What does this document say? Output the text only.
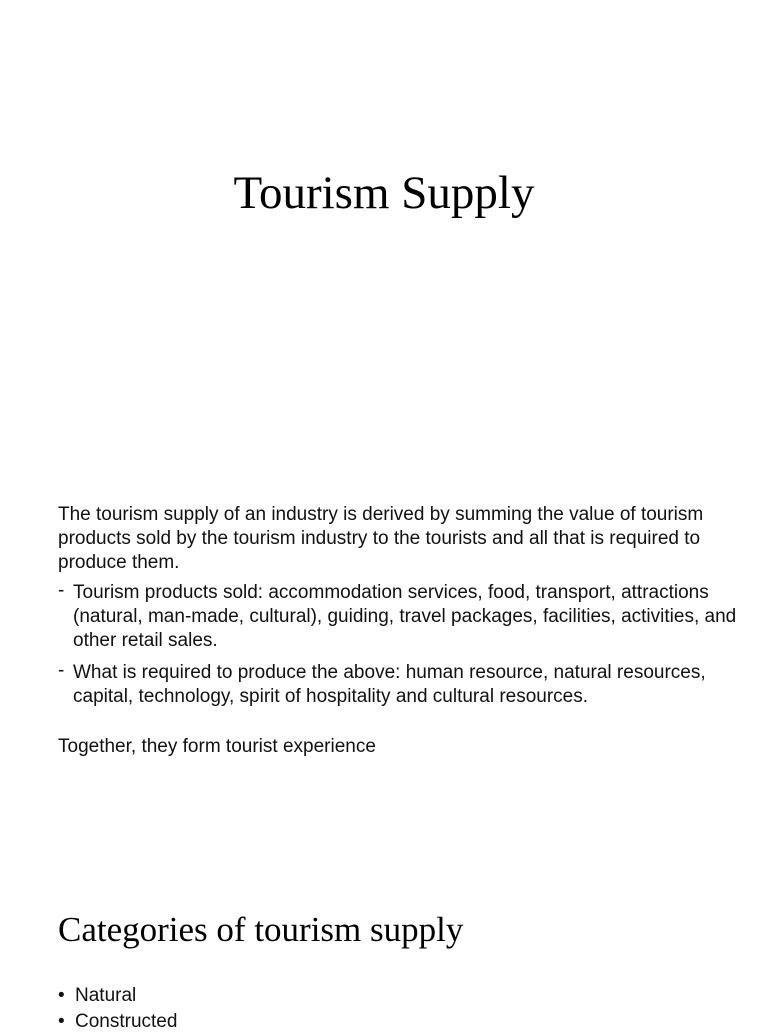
Tourism Supply

The tourism supply of an industry is derived by summing the value of tourism products sold by the tourism industry to the tourists and all that is required to produce them.

- Tourism products sold: accommodation services, food, transport, attractions (natural, man-made, cultural), guiding, travel packages, facilities, activities, and other retail sales.
- What is required to produce the above: human resource, natural resources, capital, technology, spirit of hospitality and cultural resources.

Together, they form tourist experience

Categories of tourism supply
• Natural
• Constructed
